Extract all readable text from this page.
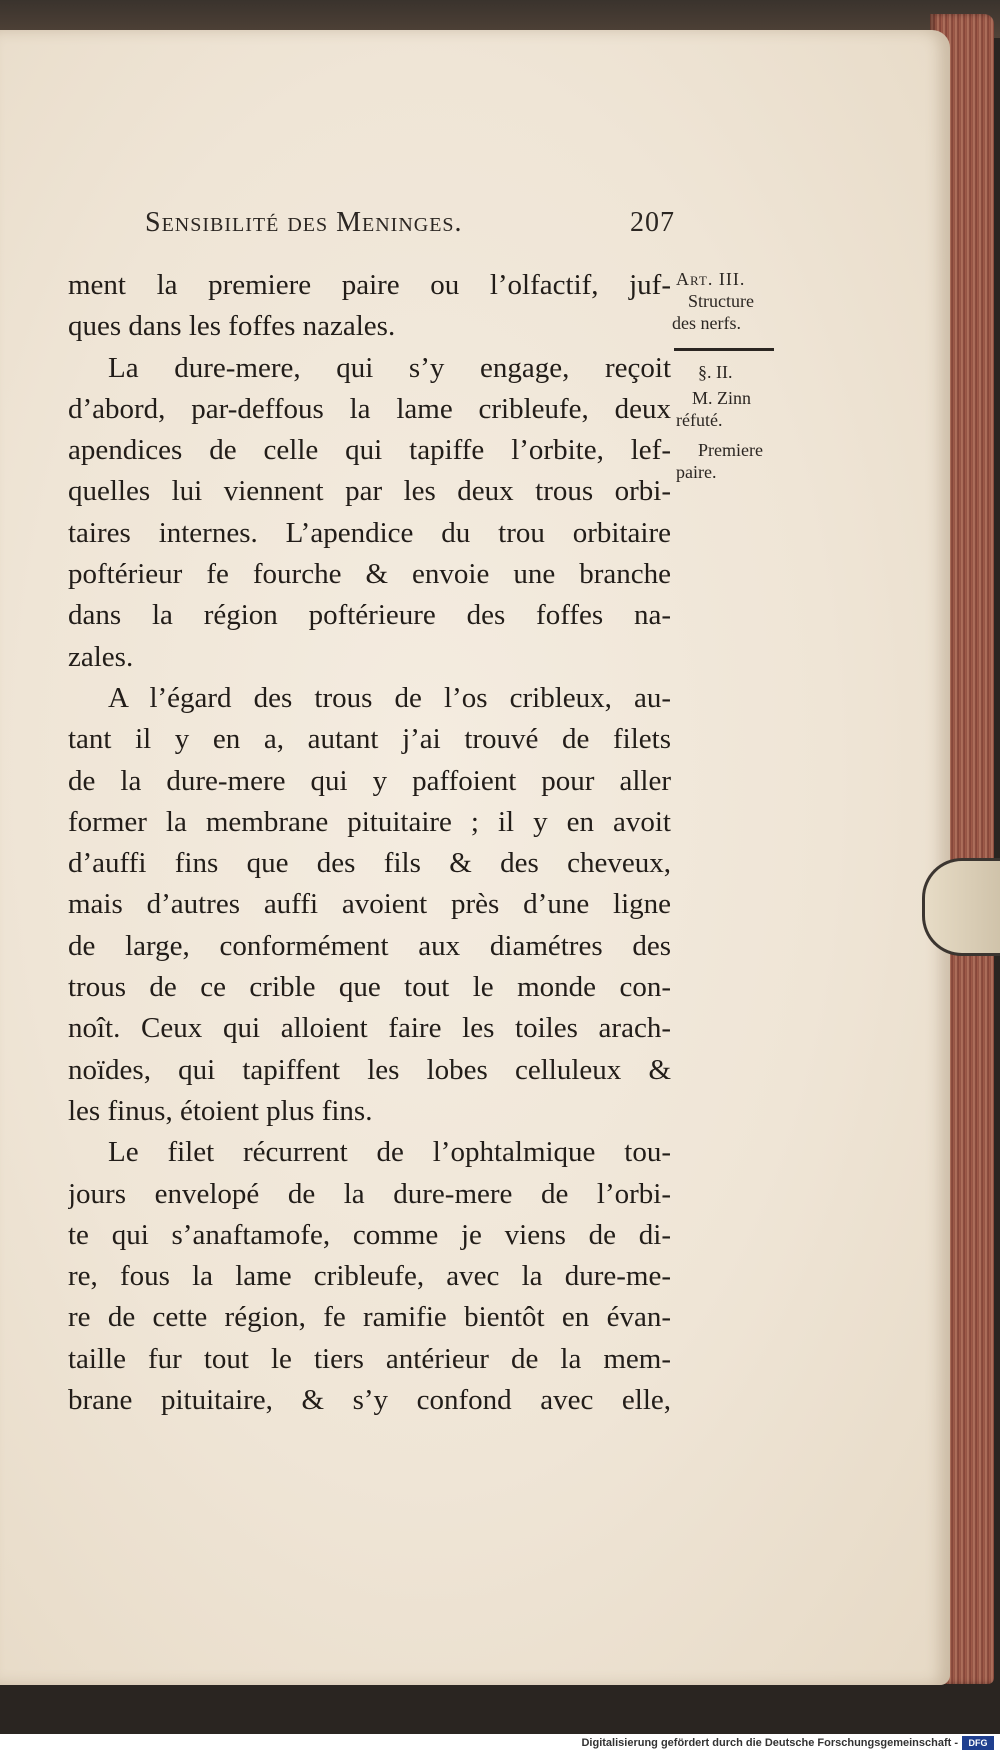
Sensibilité des Meninges.	207
ment la premiere paire ou l’olfactif, juf-
ques dans les foffes nazales.
La dure-mere, qui s’y engage, reçoit
d’abord, par-deffous la lame cribleufe, deux
apendices de celle qui tapiffe l’orbite, lef-
quelles lui viennent par les deux trous orbi-
taires internes. L’apendice du trou orbitaire
poftérieur fe fourche & envoie une branche
dans la région poftérieure des foffes na-
zales.
A l’égard des trous de l’os cribleux, au-
tant il y en a, autant j’ai trouvé de filets
de la dure-mere qui y paffoient pour aller
former la membrane pituitaire ; il y en avoit
d’auffi fins que des fils & des cheveux,
mais d’autres auffi avoient près d’une ligne
de large, conformément aux diamétres des
trous de ce crible que tout le monde con-
noît. Ceux qui alloient faire les toiles arach-
noïdes, qui tapiffent les lobes celluleux &
les finus, étoient plus fins.
Le filet récurrent de l’ophtalmique tou-
jours envelopé de la dure-mere de l’orbi-
te qui s’anaftamofe, comme je viens de di-
re, fous la lame cribleufe, avec la dure-me-
re de cette région, fe ramifie bientôt en évan-
taille fur tout le tiers antérieur de la mem-
brane pituitaire, & s’y confond avec elle,
Art. III.
Structure
des nerfs.
§. II.
M. Zinn
réfuté.
Premiere
paire.
Digitalisierung gefördert durch die Deutsche Forschungsgemeinschaft -	DFG
